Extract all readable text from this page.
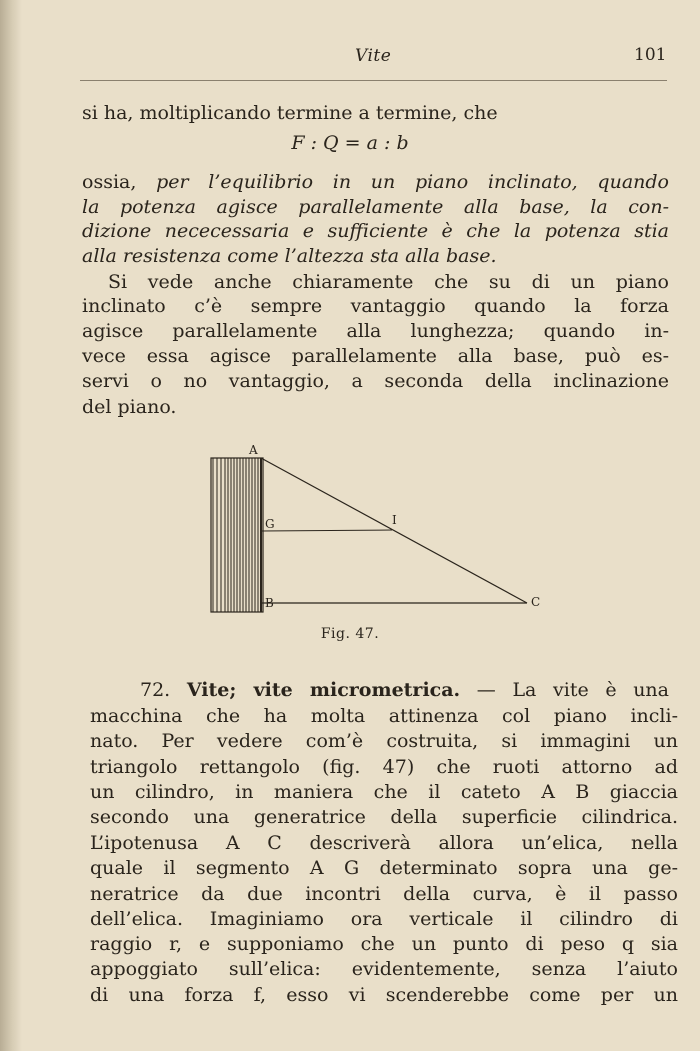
Vite	101
si ha, moltiplicando termine a termine, che
F : Q = a : b
ossia, per l’equilibrio in un piano inclinato, quando
la potenza agisce parallelamente alla base, la con-
dizione nececessaria e sufficiente è che la potenza stia
alla resistenza come l’altezza sta alla base.
Si vede anche chiaramente che su di un piano
inclinato c’è sempre vantaggio quando la forza
agisce parallelamente alla lunghezza; quando in-
vece essa agisce parallelamente alla base, può es-
servi o no vantaggio, a seconda della inclinazione
del piano.
A
G	I
B	C
Fig. 47.
72. Vite; vite micrometrica. — La vite è una
macchina che ha molta attinenza col piano incli-
nato. Per vedere com’è costruita, si immagini un
triangolo rettangolo (fig. 47) che ruoti attorno ad
un cilindro, in maniera che il cateto A B giaccia
secondo una generatrice della superficie cilindrica.
L’ipotenusa A C descriverà allora un’elica, nella
quale il segmento A G determinato sopra una ge-
neratrice da due incontri della curva, è il passo
dell’elica. Imaginiamo ora verticale il cilindro di
raggio r, e supponiamo che un punto di peso q sia
appoggiato sull’elica: evidentemente, senza l’aiuto
di una forza f, esso vi scenderebbe come per un
